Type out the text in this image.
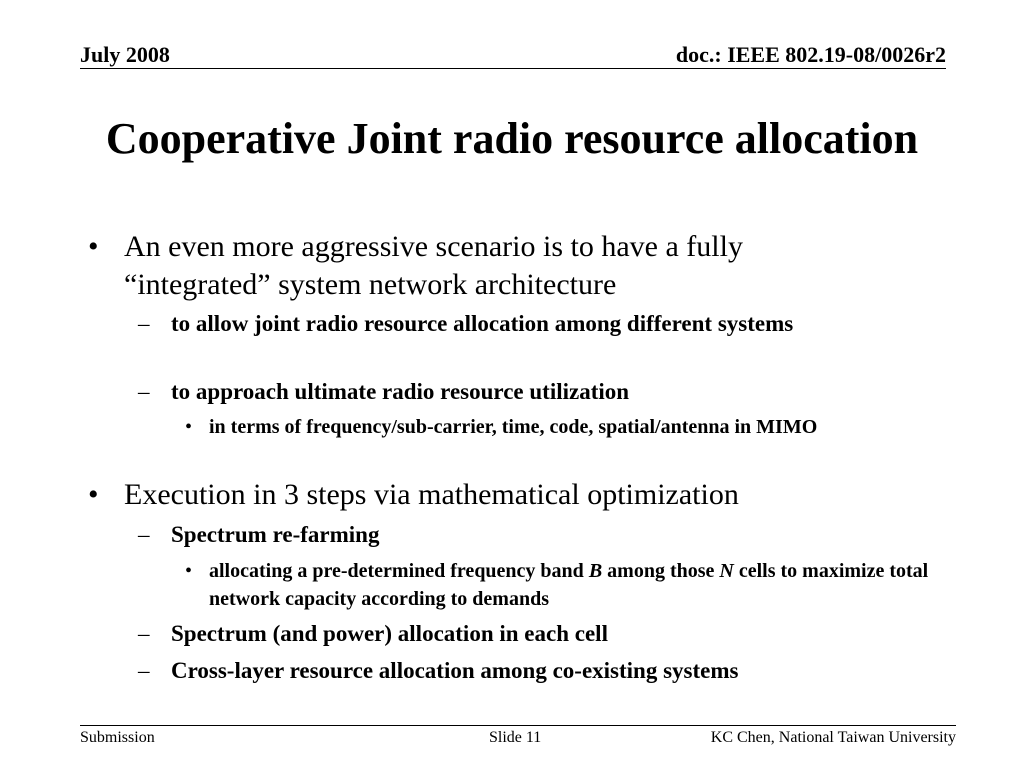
July 2008	doc.: IEEE 802.19-08/0026r2
Cooperative Joint radio resource allocation
• An even more aggressive scenario is to have a fully “integrated” system network architecture
– to allow joint radio resource allocation among different systems
– to approach ultimate radio resource utilization
• in terms of frequency/sub-carrier, time, code, spatial/antenna in MIMO
• Execution in 3 steps via mathematical optimization
– Spectrum re-farming
• allocating a pre-determined frequency band B among those N cells to maximize total network capacity according to demands
– Spectrum (and power) allocation in each cell
– Cross-layer resource allocation among co-existing systems
Submission	Slide 11	KC Chen, National Taiwan University
